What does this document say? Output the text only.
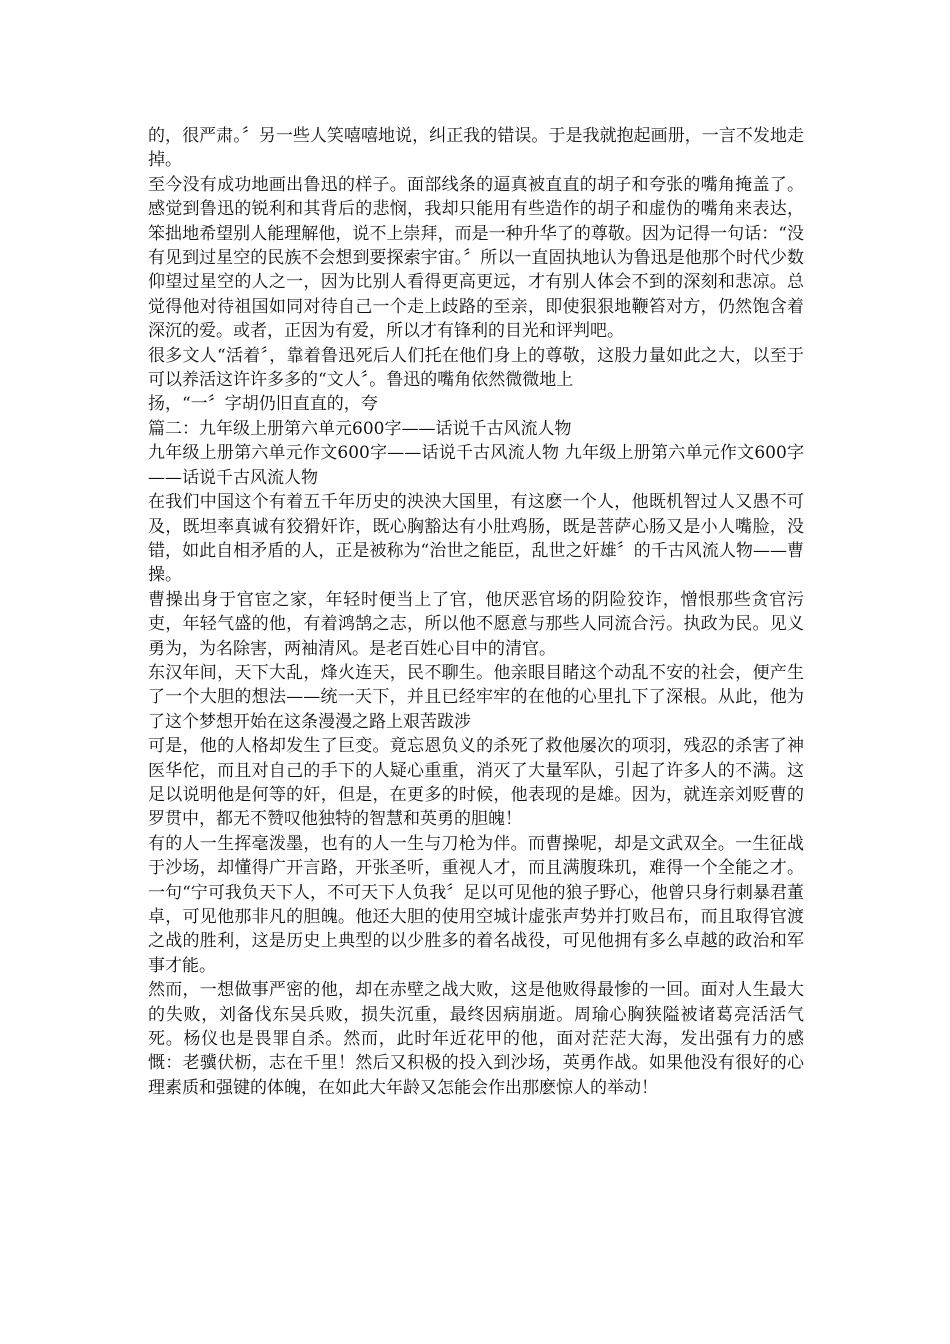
的，很严肃。〞另一些人笑嘻嘻地说，纠正我的错误。于是我就抱起画册，一言不发地走掉。

至今没有成功地画出鲁迅的样子。面部线条的逼真被直直的胡子和夸张的嘴角掩盖了。感觉到鲁迅的锐利和其背后的悲悯，我却只能用有些造作的胡子和虚伪的嘴角来表达，笨拙地希望别人能理解他，说不上崇拜，而是一种升华了的尊敬。因为记得一句话：“没有见到过星空的民族不会想到要探索宇宙。〞所以一直固执地认为鲁迅是他那个时代少数仰望过星空的人之一，因为比别人看得更高更远，才有别人体会不到的深刻和悲凉。总觉得他对待祖国如同对待自己一个走上歧路的至亲，即使狠狠地鞭笞对方，仍然饱含着深沉的爱。或者，正因为有爱，所以才有锋利的目光和评判吧。

很多文人“活着〞，靠着鲁迅死后人们托在他们身上的尊敬，这股力量如此之大，以至于可以养活这许许多多的“文人〞。鲁迅的嘴角依然微微地上

扬，“一〞字胡仍旧直直的，夸

篇二：九年级上册第六单元600字——话说千古风流人物

九年级上册第六单元作文600字——话说千古风流人物 九年级上册第六单元作文600字——话说千古风流人物

在我们中国这个有着五千年历史的泱泱大国里，有这麽一个人，他既机智过人又愚不可及，既坦率真诚有狡猾奸诈，既心胸豁达有小肚鸡肠，既是菩萨心肠又是小人嘴脸，没错，如此自相矛盾的人，正是被称为“治世之能臣，乱世之奸雄〞的千古风流人物——曹操。

曹操出身于官宦之家，年轻时便当上了官，他厌恶官场的阴险狡诈，憎恨那些贪官污吏，年轻气盛的他，有着鸿鹄之志，所以他不愿意与那些人同流合污。执政为民。见义勇为，为名除害，两袖清风。是老百姓心目中的清官。

东汉年间，天下大乱，烽火连天，民不聊生。他亲眼目睹这个动乱不安的社会，便产生了一个大胆的想法——统一天下，并且已经牢牢的在他的心里扎下了深根。从此，他为了这个梦想开始在这条漫漫之路上艰苦跋涉

可是，他的人格却发生了巨变。竟忘恩负义的杀死了救他屡次的项羽，残忍的杀害了神医华佗，而且对自己的手下的人疑心重重，消灭了大量军队，引起了许多人的不满。这足以说明他是何等的奸，但是，在更多的时候，他表现的是雄。因为，就连亲刘贬曹的罗贯中，都无不赞叹他独特的智慧和英勇的胆魄！

有的人一生挥毫泼墨，也有的人一生与刀枪为伴。而曹操呢，却是文武双全。一生征战于沙场，却懂得广开言路，开张圣听，重视人才，而且满腹珠玑，难得一个全能之才。一句“宁可我负天下人，不可天下人负我〞足以可见他的狼子野心，他曾只身行刺暴君董卓，可见他那非凡的胆魄。他还大胆的使用空城计虚张声势并打败吕布，而且取得官渡之战的胜利，这是历史上典型的以少胜多的着名战役，可见他拥有多么卓越的政治和军事才能。

然而，一想做事严密的他，却在赤壁之战大败，这是他败得最惨的一回。面对人生最大的失败，刘备伐东吴兵败，损失沉重，最终因病崩逝。周瑜心胸狭隘被诸葛亮活活气死。杨仪也是畏罪自杀。然而，此时年近花甲的他，面对茫茫大海，发出强有力的感慨：老骥伏枥，志在千里！然后又积极的投入到沙场，英勇作战。如果他没有很好的心理素质和强键的体魄，在如此大年龄又怎能会作出那麽惊人的举动！
